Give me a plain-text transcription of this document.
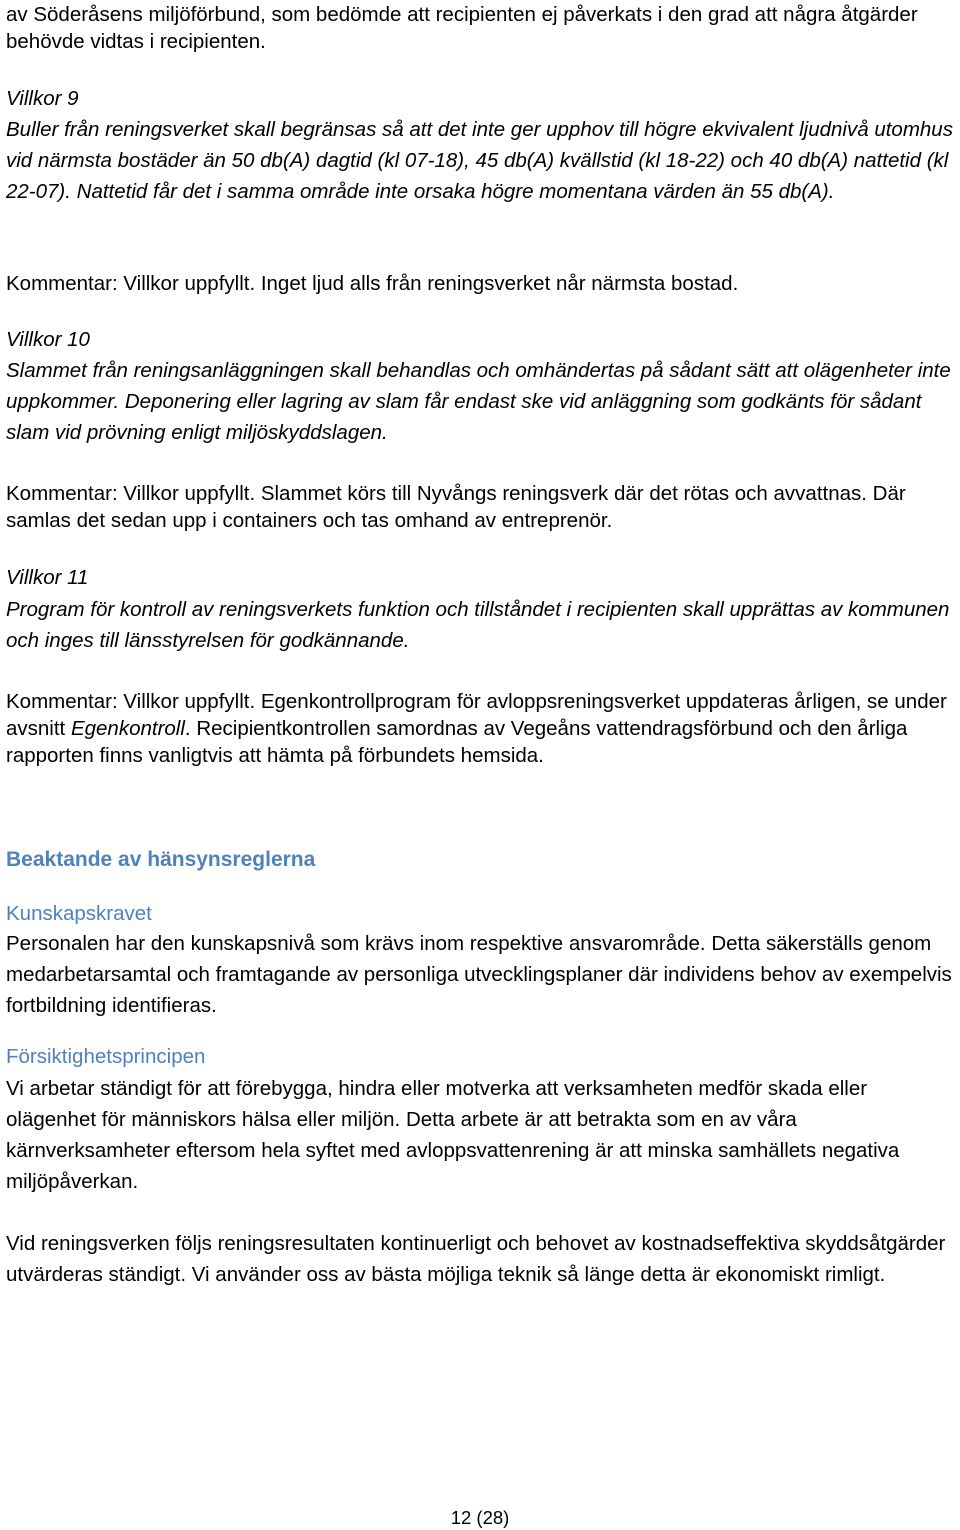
av Söderåsens miljöförbund, som bedömde att recipienten ej påverkats i den grad att några åtgärder behövde vidtas i recipienten.

Villkor 9

Buller från reningsverket skall begränsas så att det inte ger upphov till högre ekvivalent ljudnivå utomhus vid närmsta bostäder än 50 db(A) dagtid (kl 07-18), 45 db(A) kvällstid (kl 18-22) och 40 db(A) nattetid (kl 22-07). Nattetid får det i samma område inte orsaka högre momentana värden än 55 db(A).

Kommentar: Villkor uppfyllt. Inget ljud alls från reningsverket når närmsta bostad.

Villkor 10

Slammet från reningsanläggningen skall behandlas och omhändertas på sådant sätt att olägenheter inte uppkommer. Deponering eller lagring av slam får endast ske vid anläggning som godkänts för sådant slam vid prövning enligt miljöskyddslagen.

Kommentar: Villkor uppfyllt. Slammet körs till Nyvångs reningsverk där det rötas och avvattnas. Där samlas det sedan upp i containers och tas omhand av entreprenör.

Villkor 11

Program för kontroll av reningsverkets funktion och tillståndet i recipienten skall upprättas av kommunen och inges till länsstyrelsen för godkännande.

Kommentar: Villkor uppfyllt. Egenkontrollprogram för avloppsreningsverket uppdateras årligen, se under avsnitt Egenkontroll. Recipientkontrollen samordnas av Vegeåns vattendragsförbund och den årliga rapporten finns vanligtvis att hämta på förbundets hemsida.

Beaktande av hänsynsreglerna
Kunskapskravet

Personalen har den kunskapsnivå som krävs inom respektive ansvarområde. Detta säkerställs genom medarbetarsamtal och framtagande av personliga utvecklingsplaner där individens behov av exempelvis fortbildning identifieras.

Försiktighetsprincipen

Vi arbetar ständigt för att förebygga, hindra eller motverka att verksamheten medför skada eller olägenhet för människors hälsa eller miljön. Detta arbete är att betrakta som en av våra kärnverksamheter eftersom hela syftet med avloppsvattenrening är att minska samhällets negativa miljöpåverkan.

Vid reningsverken följs reningsresultaten kontinuerligt och behovet av kostnadseffektiva skyddsåtgärder utvärderas ständigt. Vi använder oss av bästa möjliga teknik så länge detta är ekonomiskt rimligt.

12 (28)
